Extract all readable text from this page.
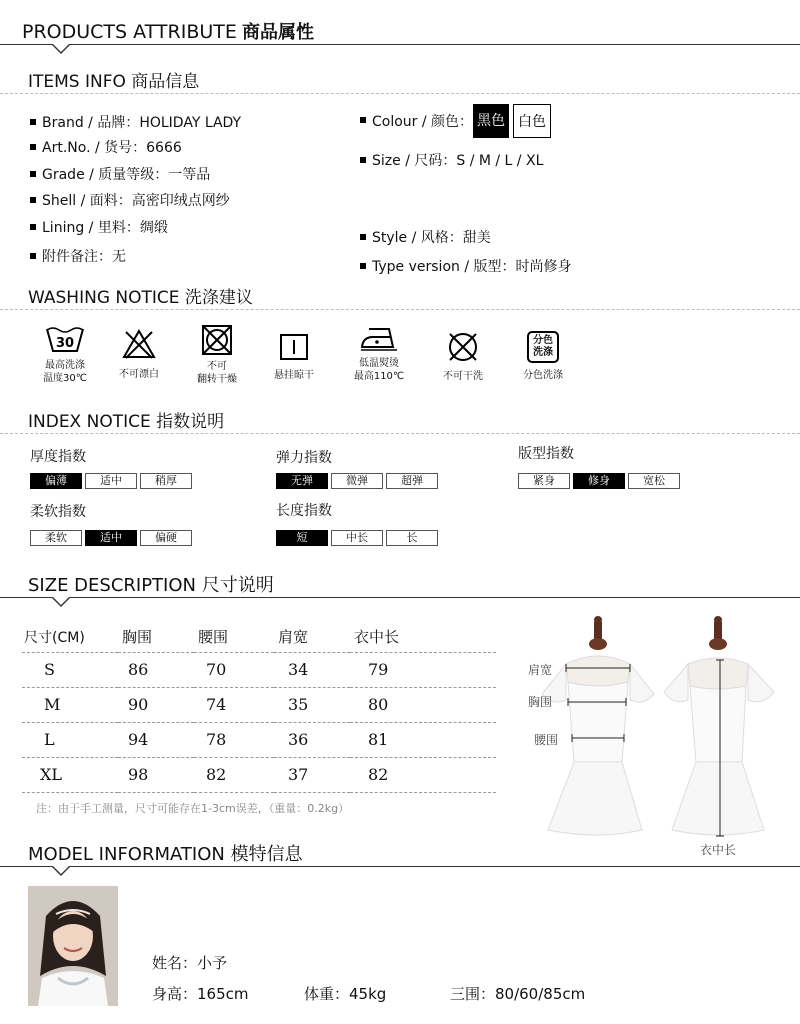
PRODUCTS ATTRIBUTE 商品属性
ITEMS INFO 商品信息
Brand / 品牌：HOLIDAY LADY
Art.No. / 货号：6666
Grade / 质量等级：一等品
Shell / 面料：高密印绒点网纱
Lining / 里料：绸缎
附件备注：无
Colour / 颜色： 黑色 白色
Size / 尺码：S / M / L / XL
Style / 风格：甜美
Type version / 版型：时尚修身
WASHING NOTICE 洗涤建议
30
最高洗涤
温度30℃	不可漂白
不可
翻转干燥	悬挂晾干
低温熨烫
最高110℃	不可干洗
分色
洗涤
分色洗涤
INDEX NOTICE 指数说明
厚度指数
偏薄	适中	稍厚
弹力指数
无弹	微弹	超弹
版型指数
紧身	修身	宽松
柔软指数
柔软	适中	偏硬
长度指数
短	中长	长
SIZE DESCRIPTION 尺寸说明
尺寸(CM)	胸围	腰围	肩宽	衣中长
S	86	70	34	79
M	90	74	35	80
L	94	78	36	81
XL	98	82	37	82
注：由于手工测量，尺寸可能存在1-3cm误差，（重量：0.2kg）
肩宽
胸围
腰围
衣中长
MODEL INFORMATION 模特信息
姓名：小予
身高：165cm	体重：45kg	三围：80/60/85cm
